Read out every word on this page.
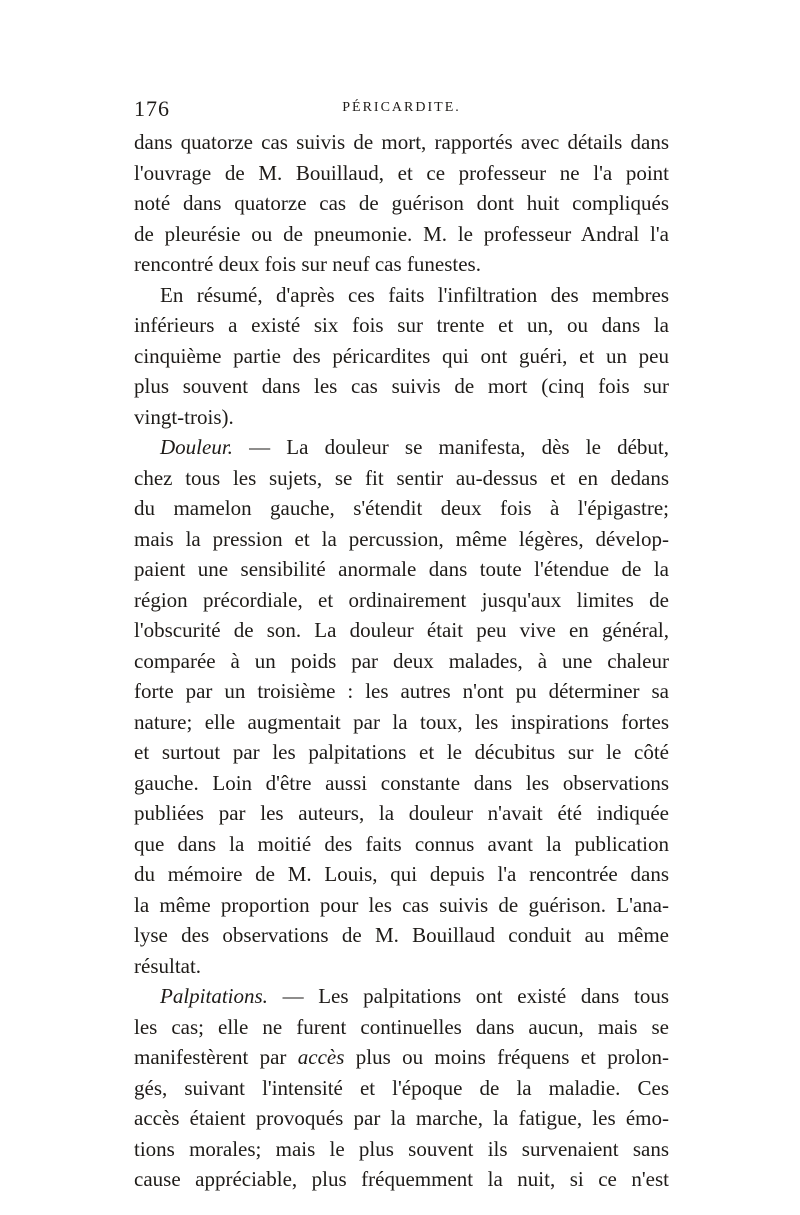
176	PÉRICARDITE.
dans quatorze cas suivis de mort, rapportés avec détails dans
l'ouvrage de M. Bouillaud, et ce professeur ne l'a point
noté dans quatorze cas de guérison dont huit compliqués
de pleurésie ou de pneumonie. M. le professeur Andral l'a
rencontré deux fois sur neuf cas funestes.
En résumé, d'après ces faits l'infiltration des membres
inférieurs a existé six fois sur trente et un, ou dans la
cinquième partie des péricardites qui ont guéri, et un peu
plus souvent dans les cas suivis de mort (cinq fois sur
vingt-trois).
Douleur. — La douleur se manifesta, dès le début,
chez tous les sujets, se fit sentir au-dessus et en dedans
du mamelon gauche, s'étendit deux fois à l'épigastre;
mais la pression et la percussion, même légères, dévelop-
paient une sensibilité anormale dans toute l'étendue de la
région précordiale, et ordinairement jusqu'aux limites de
l'obscurité de son. La douleur était peu vive en général,
comparée à un poids par deux malades, à une chaleur
forte par un troisième : les autres n'ont pu déterminer sa
nature; elle augmentait par la toux, les inspirations fortes
et surtout par les palpitations et le décubitus sur le côté
gauche. Loin d'être aussi constante dans les observations
publiées par les auteurs, la douleur n'avait été indiquée
que dans la moitié des faits connus avant la publication
du mémoire de M. Louis, qui depuis l'a rencontrée dans
la même proportion pour les cas suivis de guérison. L'ana-
lyse des observations de M. Bouillaud conduit au même
résultat.
Palpitations. — Les palpitations ont existé dans tous
les cas; elle ne furent continuelles dans aucun, mais se
manifestèrent par accès plus ou moins fréquens et prolon-
gés, suivant l'intensité et l'époque de la maladie. Ces
accès étaient provoqués par la marche, la fatigue, les émo-
tions morales; mais le plus souvent ils survenaient sans
cause appréciable, plus fréquemment la nuit, si ce n'est
